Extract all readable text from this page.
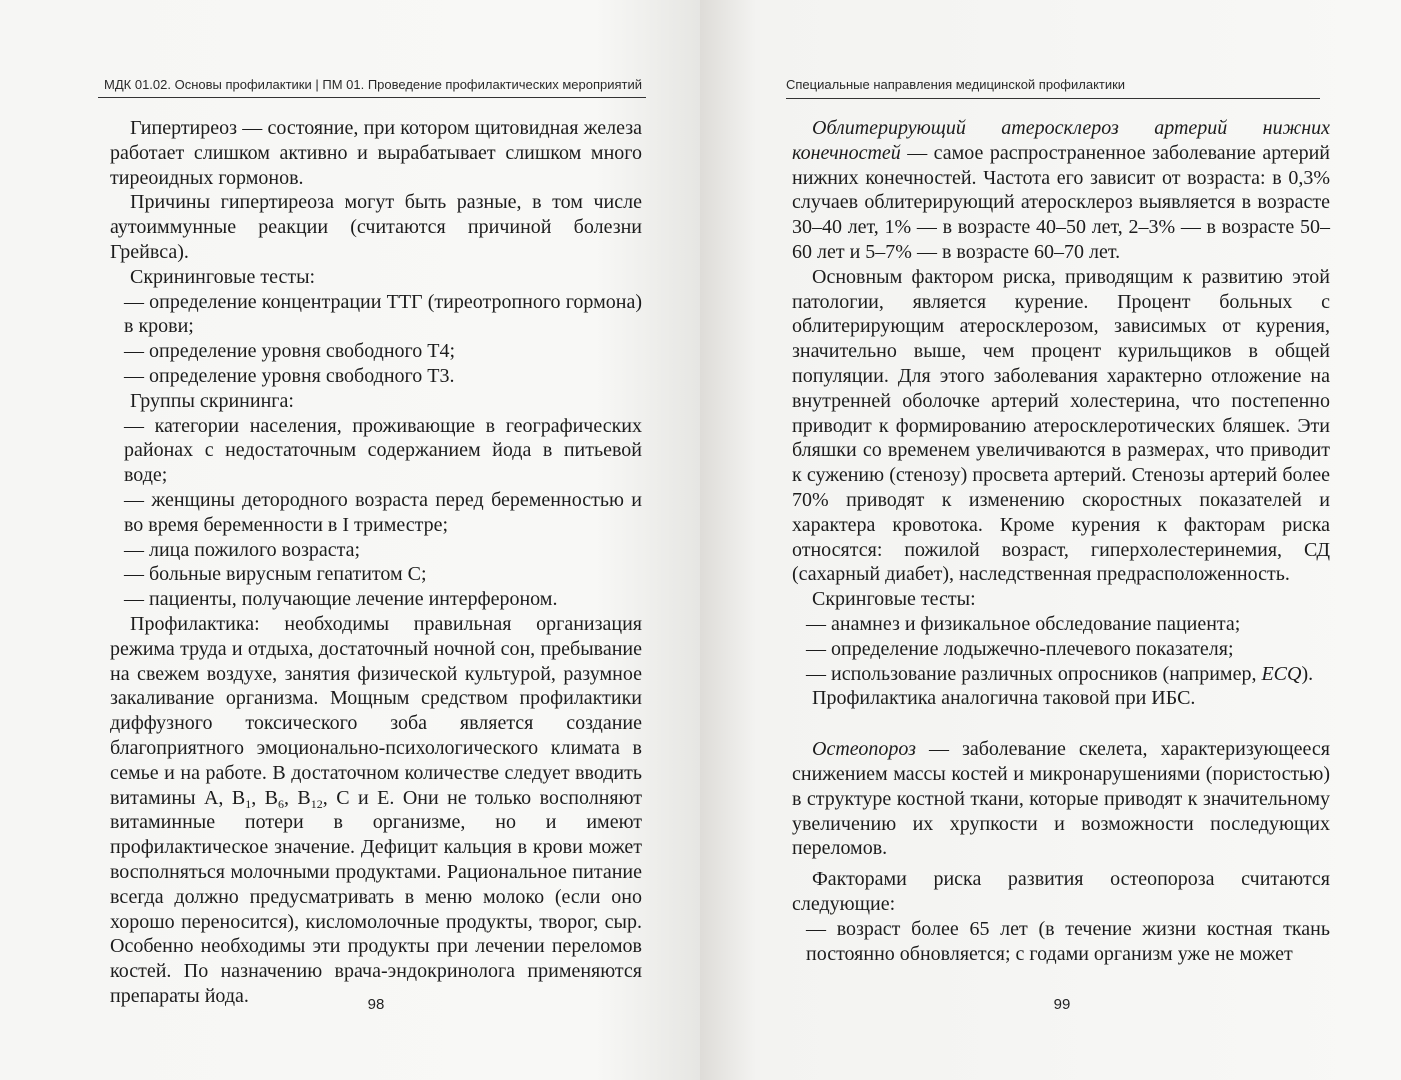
МДК 01.02. Основы профилактики | ПМ 01. Проведение профилактических мероприятий

Гипертиреоз — состояние, при котором щитовидная железа работает слишком активно и вырабатывает слишком много тиреоидных гормонов.

Причины гипертиреоза могут быть разные, в том числе аутоиммунные реакции (считаются причиной болезни Грейвса).

Скрининговые тесты:

— определение концентрации ТТГ (тиреотропного гормона) в крови;

— определение уровня свободного Т4;

— определение уровня свободного Т3.

Группы скрининга:

— категории населения, проживающие в географических районах с недостаточным содержанием йода в питьевой воде;

— женщины детородного возраста перед беременностью и во время беременности в I триместре;

— лица пожилого возраста;

— больные вирусным гепатитом С;

— пациенты, получающие лечение интерфероном.

Профилактика: необходимы правильная организация режима труда и отдыха, достаточный ночной сон, пребывание на свежем воздухе, занятия физической культурой, разумное закаливание организма. Мощным средством профилактики диффузного токсического зоба является создание благоприятного эмоционально-психологического климата в семье и на работе. В достаточном количестве следует вводить витамины А, $В_1$, $В_6$, $В_{12}$, С и Е. Они не только восполняют витаминные потери в организме, но и имеют профилактическое значение. Дефицит кальция в крови может восполняться молочными продуктами. Рациональное питание всегда должно предусматривать в меню молоко (если оно хорошо переносится), кисломолочные продукты, творог, сыр. Особенно необходимы эти продукты при лечении переломов костей. По назначению врача-эндокринолога применяются препараты йода.	98
Специальные направления медицинской профилактики

Облитерирующий атеросклероз артерий нижних конечностей — самое распространенное заболевание артерий нижних конечностей. Частота его зависит от возраста: в 0,3% случаев облитерирующий атеросклероз выявляется в возрасте 30–40 лет, 1% — в возрасте 40–50 лет, 2–3% — в возрасте 50–60 лет и 5–7% — в возрасте 60–70 лет.

Основным фактором риска, приводящим к развитию этой патологии, является курение. Процент больных с облитерирующим атеросклерозом, зависимых от курения, значительно выше, чем процент курильщиков в общей популяции. Для этого заболевания характерно отложение на внутренней оболочке артерий холестерина, что постепенно приводит к формированию атеросклеротических бляшек. Эти бляшки со временем увеличиваются в размерах, что приводит к сужению (стенозу) просвета артерий. Стенозы артерий более 70% приводят к изменению скоростных показателей и характера кровотока. Кроме курения к факторам риска относятся: пожилой возраст, гиперхолестеринемия, СД (сахарный диабет), наследственная предрасположенность.

Скринговые тесты:

— анамнез и физикальное обследование пациента;

— определение лодыжечно-плечевого показателя;

— использование различных опросников (например, ECQ).

Профилактика аналогична таковой при ИБС.

Остеопороз — заболевание скелета, характеризующееся снижением массы костей и микронарушениями (пористостью) в структуре костной ткани, которые приводят к значительному увеличению их хрупкости и возможности последующих переломов.

Факторами риска развития остеопороза считаются следующие:

— возраст более 65 лет (в течение жизни костная ткань постоянно обновляется; с годами организм уже не может

99
